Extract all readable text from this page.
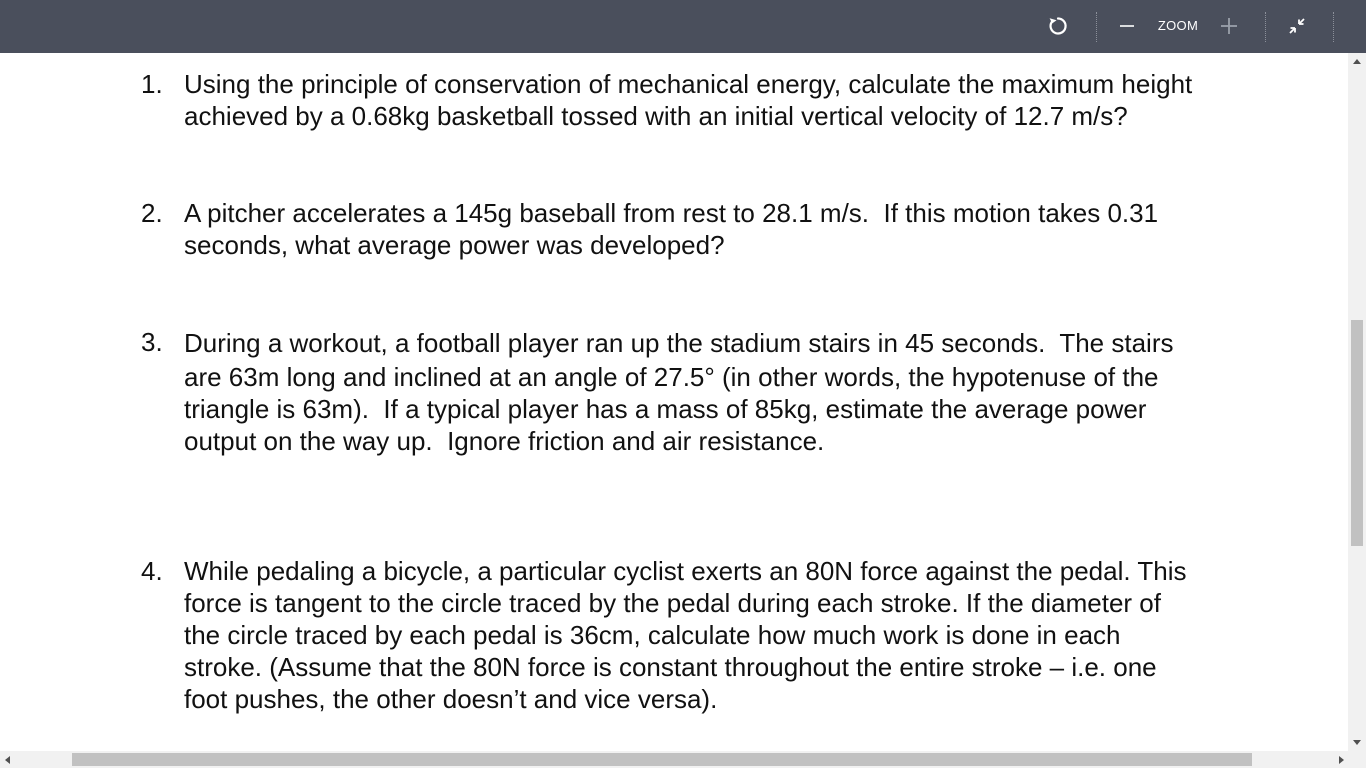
ZOOM
1. Using the principle of conservation of mechanical energy, calculate the maximum height
achieved by a 0.68kg basketball tossed with an initial vertical velocity of 12.7 m/s?

2. A pitcher accelerates a 145g baseball from rest to 28.1 m/s.  If this motion takes 0.31
seconds, what average power was developed?

3. During a workout, a football player ran up the stadium stairs in 45 seconds.  The stairs
are 63m long and inclined at an angle of 27.5° (in other words, the hypotenuse of the
triangle is 63m).  If a typical player has a mass of 85kg, estimate the average power
output on the way up.  Ignore friction and air resistance.

4. While pedaling a bicycle, a particular cyclist exerts an 80N force against the pedal. This
force is tangent to the circle traced by the pedal during each stroke. If the diameter of
the circle traced by each pedal is 36cm, calculate how much work is done in each
stroke. (Assume that the 80N force is constant throughout the entire stroke – i.e. one
foot pushes, the other doesn’t and vice versa).
